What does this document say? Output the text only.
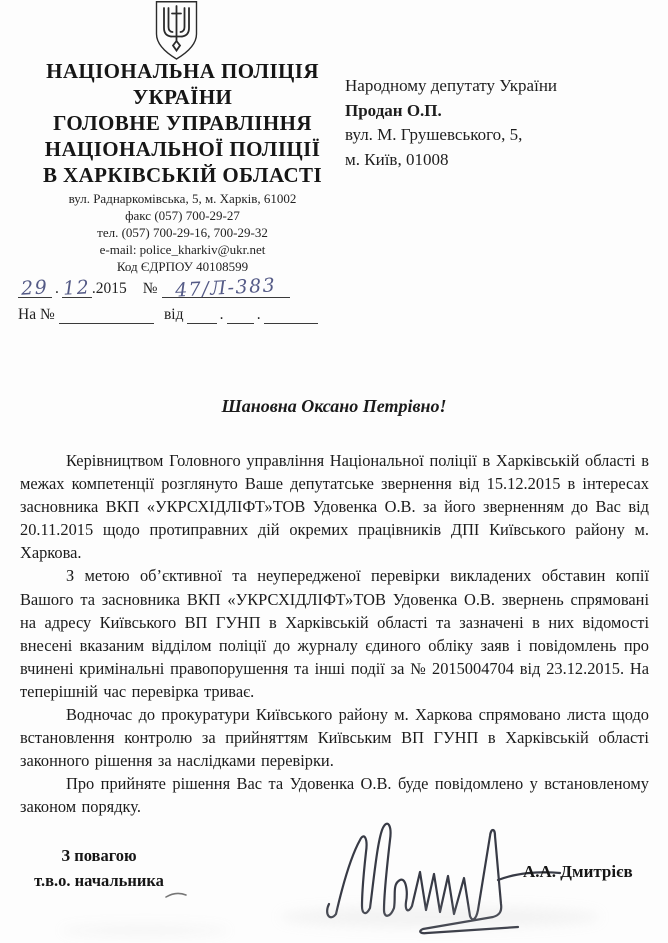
НАЦІОНАЛЬНА ПОЛІЦІЯ
УКРАЇНИ
ГОЛОВНЕ УПРАВЛІННЯ
НАЦІОНАЛЬНОЇ ПОЛІЦІЇ
В ХАРКІВСЬКІЙ ОБЛАСТІ
вул. Раднаркомівська, 5, м. Харків, 61002
факс (057) 700-29-27
тел. (057) 700-29-16, 700-29-32
e-mail: police_kharkiv@ukr.net
Код ЄДРПОУ 40108599
29 . 12 .2015	№ 47/Л-383
На №	від . .
Народному депутату України
Продан О.П.
вул. М. Грушевського, 5,
м. Київ, 01008
Шановна Оксано Петрівно!

Керівництвом Головного управління Національної поліції в Харківській області в межах компетенції розглянуто Ваше депутатське звернення від 15.12.2015 в інтересах засновника ВКП «УКРСХІДЛІФТ»ТОВ Удовенка О.В. за його зверненням до Вас від 20.11.2015 щодо протиправних дій окремих працівників ДПІ Київського району м. Харкова.

З метою об’єктивної та неупередженої перевірки викладених обставин копії Вашого та засновника ВКП «УКРСХІДЛІФТ»ТОВ Удовенка О.В. звернень спрямовані на адресу Київського ВП ГУНП в Харківській області та зазначені в них відомості внесені вказаним відділом поліції до журналу єдиного обліку заяв і повідомлень про вчинені кримінальні правопорушення та інші події за № 2015004704 від 23.12.2015. На теперішній час перевірка триває.

Водночас до прокуратури Київського району м. Харкова спрямовано листа щодо встановлення контролю за прийняттям Київським ВП ГУНП в Харківській області законного рішення за наслідками перевірки.

Про прийняте рішення Вас та Удовенка О.В. буде повідомлено у встановленому законом порядку.

З повагою
т.в.о. начальника	А.А. Дмитрієв
